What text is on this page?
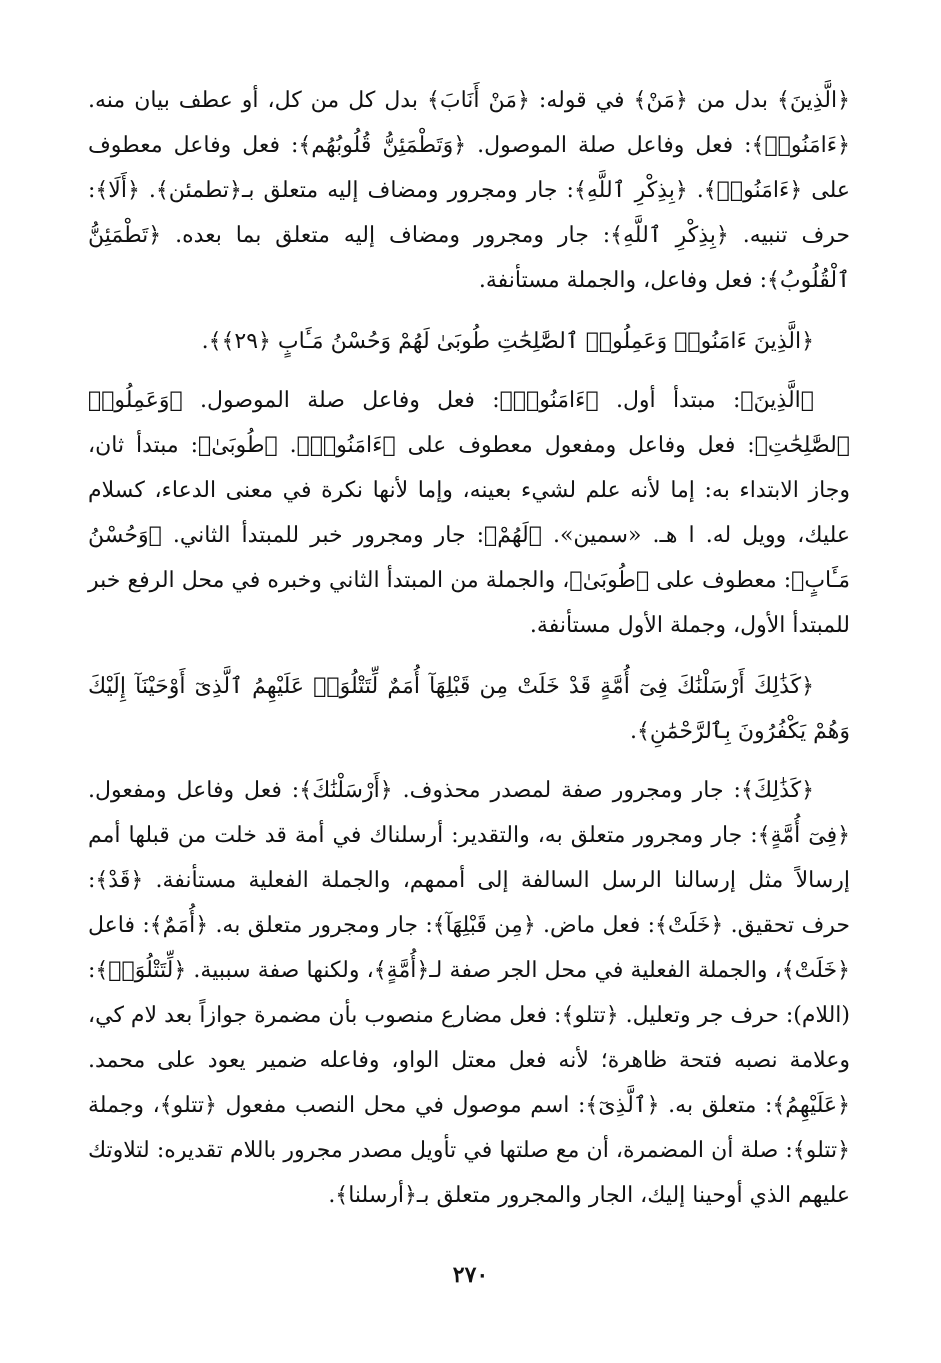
﴿الَّذِينَ﴾ بدل من ﴿مَنْ﴾ في قوله: ﴿مَنْ أَنَابَ﴾ بدل كل من كل، أو عطف بيان منه. ﴿ءَامَنُوا۟﴾: فعل وفاعل صلة الموصول. ﴿وَتَطْمَئِنُّ قُلُوبُهُم﴾: فعل وفاعل معطوف على ﴿ءَامَنُوا۟﴾. ﴿بِذِكْرِ ٱللَّهِ﴾: جار ومجرور ومضاف إليه متعلق بـ﴿تطمئن﴾. ﴿أَلَا﴾: حرف تنبيه. ﴿بِذِكْرِ ٱللَّهِ﴾: جار ومجرور ومضاف إليه متعلق بما بعده. ﴿تَطْمَئِنُّ ٱلْقُلُوبُ﴾: فعل وفاعل، والجملة مستأنفة.

﴿الَّذِينَ ءَامَنُوا۟ وَعَمِلُوا۟ ٱلصَّٰلِحَٰتِ طُوبَىٰ لَهُمْ وَحُسْنُ مَـَٔابٍ ﴿٢٩﴾﴾.

﴿الَّذِينَ﴾: مبتدأ أول. ﴿ءَامَنُوا۟﴾: فعل وفاعل صلة الموصول. ﴿وَعَمِلُوا۟ ٱلصَّٰلِحَٰتِ﴾: فعل وفاعل ومفعول معطوف على ﴿ءَامَنُوا۟﴾. ﴿طُوبَىٰ﴾: مبتدأ ثان، وجاز الابتداء به: إما لأنه علم لشيء بعينه، وإما لأنها نكرة في معنى الدعاء، كسلام عليك، وويل له. ا هـ. «سمين». ﴿لَهُمْ﴾: جار ومجرور خبر للمبتدأ الثاني. ﴿وَحُسْنُ مَـَٔابٍ﴾: معطوف على ﴿طُوبَىٰ﴾، والجملة من المبتدأ الثاني وخبره في محل الرفع خبر للمبتدأ الأول، وجملة الأول مستأنفة.

﴿كَذَٰلِكَ أَرْسَلْنَٰكَ فِىٓ أُمَّةٍ قَدْ خَلَتْ مِن قَبْلِهَآ أُمَمٌ لِّتَتْلُوَا۟ عَلَيْهِمُ ٱلَّذِىٓ أَوْحَيْنَآ إِلَيْكَ وَهُمْ يَكْفُرُونَ بِٱلرَّحْمَٰنِ﴾.

﴿كَذَٰلِكَ﴾: جار ومجرور صفة لمصدر محذوف. ﴿أَرْسَلْنَٰكَ﴾: فعل وفاعل ومفعول. ﴿فِىٓ أُمَّةٍ﴾: جار ومجرور متعلق به، والتقدير: أرسلناك في أمة قد خلت من قبلها أمم إرسالاً مثل إرسالنا الرسل السالفة إلى أممهم، والجملة الفعلية مستأنفة. ﴿قَدْ﴾: حرف تحقيق. ﴿خَلَتْ﴾: فعل ماض. ﴿مِن قَبْلِهَآ﴾: جار ومجرور متعلق به. ﴿أُمَمٌ﴾: فاعل ﴿خَلَتْ﴾، والجملة الفعلية في محل الجر صفة لـ﴿أُمَّةٍ﴾، ولكنها صفة سببية. ﴿لِّتَتْلُوَا۟﴾: (اللام): حرف جر وتعليل. ﴿تتلو﴾: فعل مضارع منصوب بأن مضمرة جوازاً بعد لام كي، وعلامة نصبه فتحة ظاهرة؛ لأنه فعل معتل الواو، وفاعله ضمير يعود على محمد. ﴿عَلَيْهِمُ﴾: متعلق به. ﴿ٱلَّذِىٓ﴾: اسم موصول في محل النصب مفعول ﴿تتلو﴾، وجملة ﴿تتلو﴾: صلة أن المضمرة، أن مع صلتها في تأويل مصدر مجرور باللام تقديره: لتلاوتك عليهم الذي أوحينا إليك، الجار والمجرور متعلق بـ﴿أرسلنا﴾.

٢٧٠
